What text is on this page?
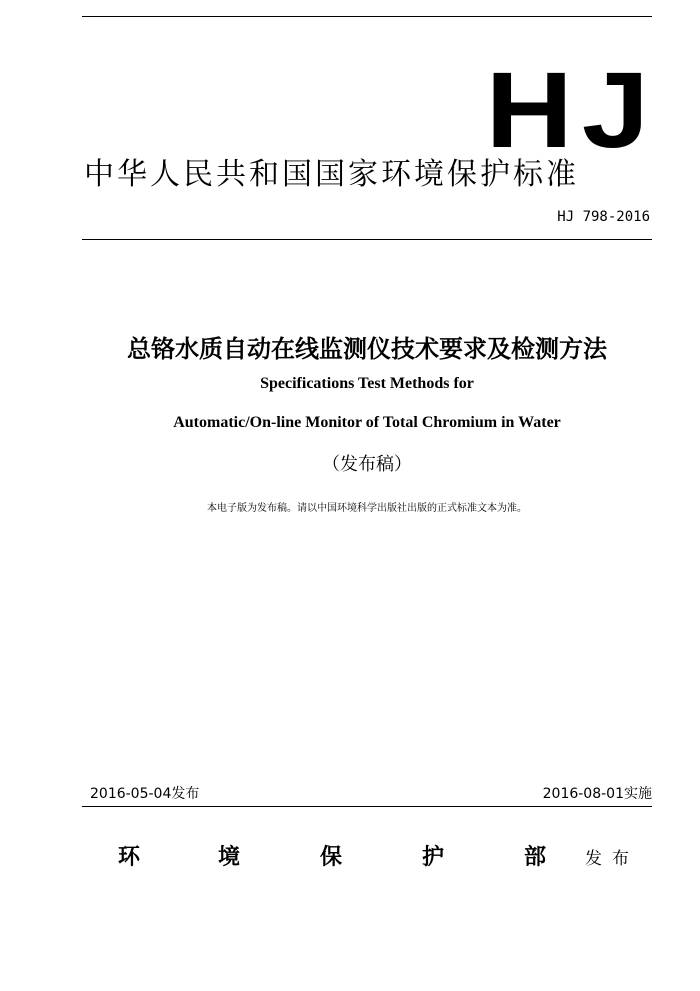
HJ
中华人民共和国国家环境保护标准
HJ 798-2016
总铬水质自动在线监测仪技术要求及检测方法
Specifications Test Methods for
Automatic/On-line Monitor of Total Chromium in Water
（发布稿）
本电子版为发布稿。请以中国环境科学出版社出版的正式标准文本为准。
2016-05-04发布	2016-08-01实施
环	境	保	护	部 发布
